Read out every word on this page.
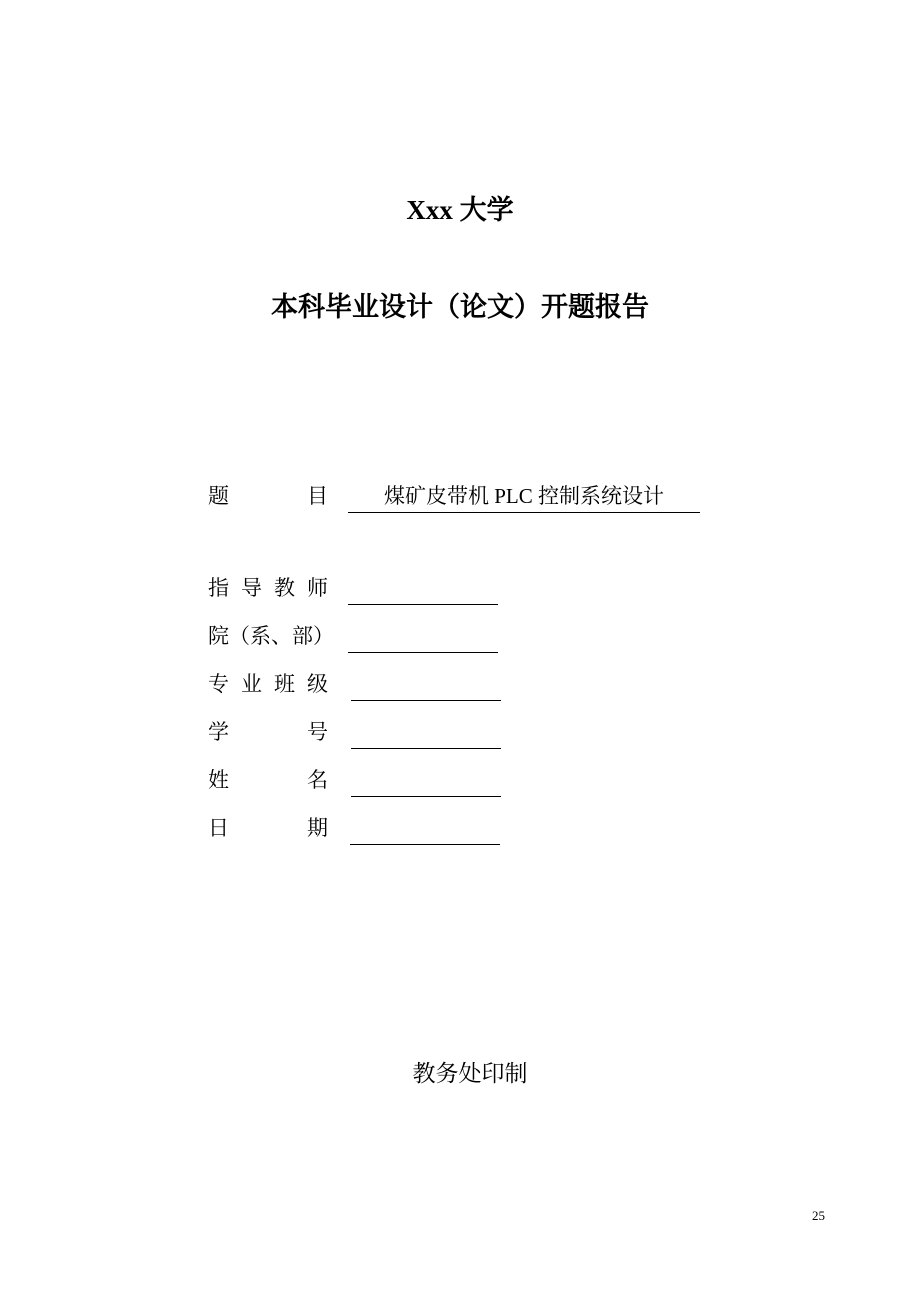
Xxx 大学
本科毕业设计（论文）开 题 报 告
题	目	煤矿皮带机 PLC 控制系统设计
指 导 教 师
院（系、部）
专 业 班 级
学	号
姓	名
日	期
教务处印制
25
